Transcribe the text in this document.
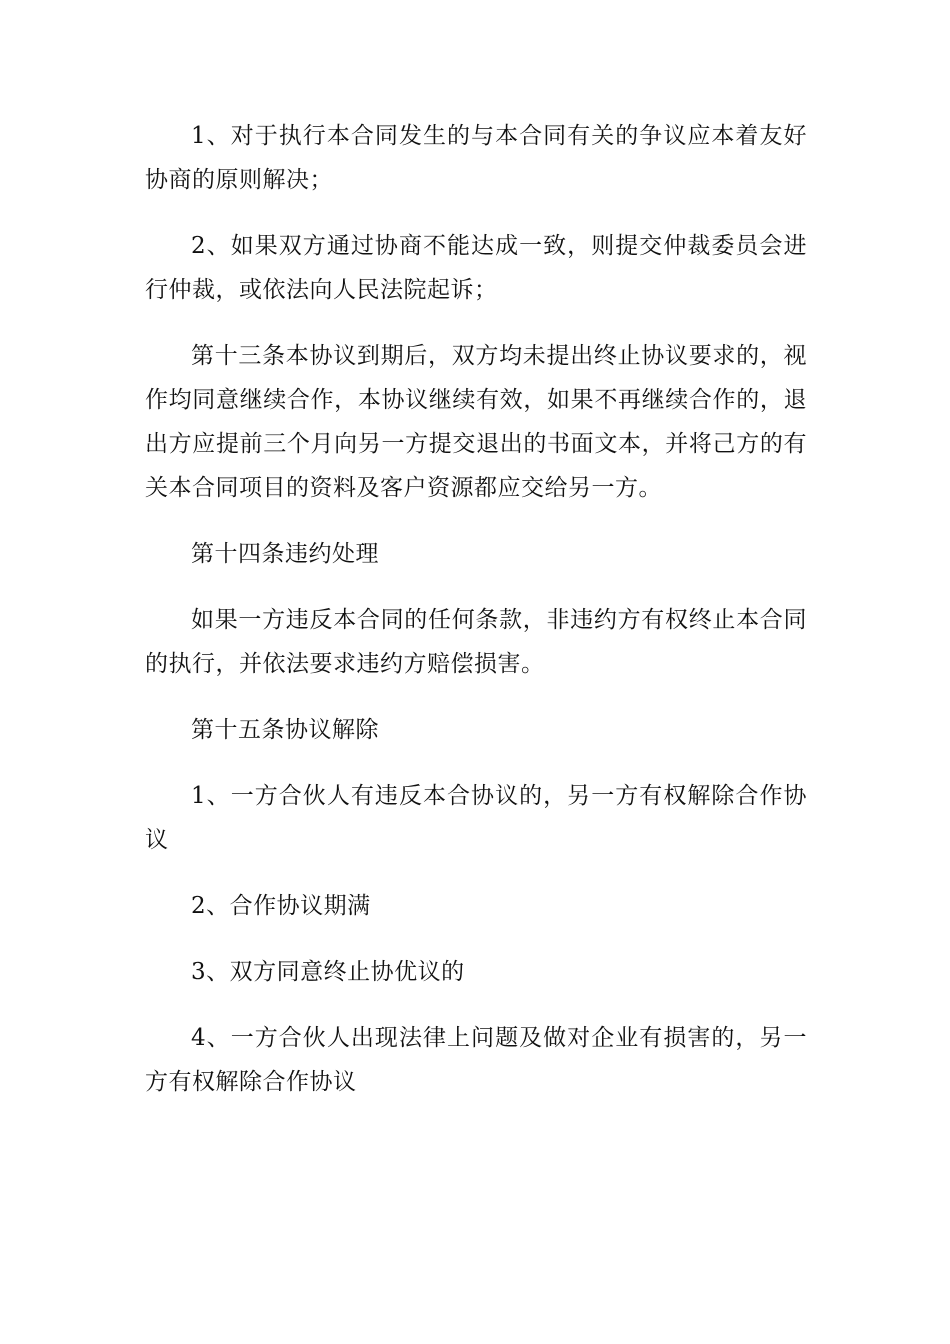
1、对于执行本合同发生的与本合同有关的争议应本着友好协商的原则解决；

2、如果双方通过协商不能达成一致，则提交仲裁委员会进行仲裁，或依法向人民法院起诉；

第十三条本协议到期后，双方均未提出终止协议要求的，视作均同意继续合作，本协议继续有效，如果不再继续合作的，退出方应提前三个月向另一方提交退出的书面文本，并将己方的有关本合同项目的资料及客户资源都应交给另一方。

第十四条违约处理

如果一方违反本合同的任何条款，非违约方有权终止本合同的执行，并依法要求违约方赔偿损害。

第十五条协议解除

1、一方合伙人有违反本合协议的，另一方有权解除合作协议

2、合作协议期满

3、双方同意终止协优议的

4、一方合伙人出现法律上问题及做对企业有损害的，另一方有权解除合作协议
